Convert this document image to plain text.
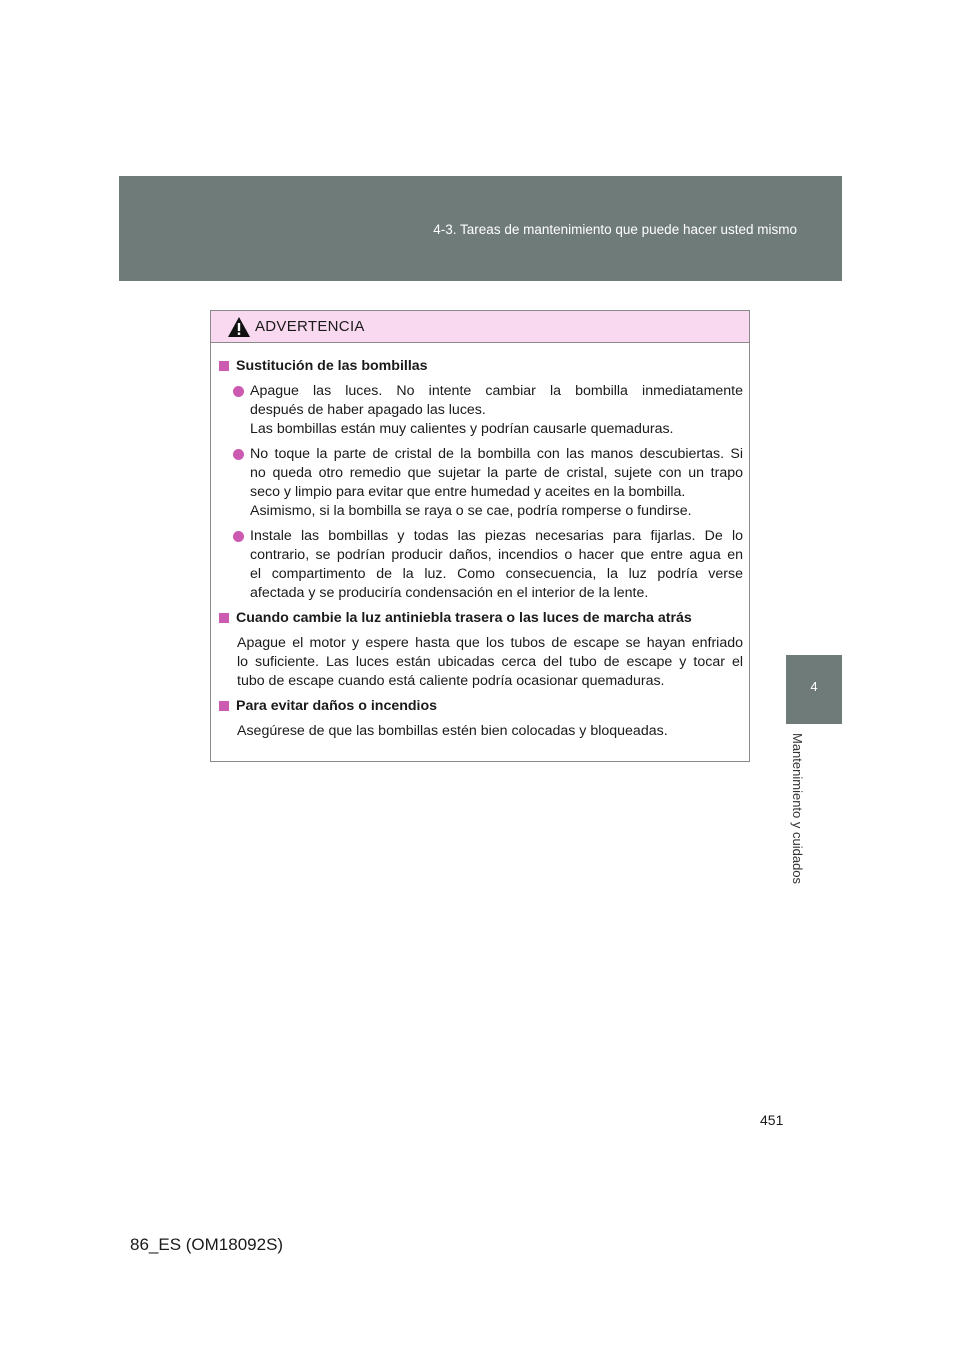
4-3. Tareas de mantenimiento que puede hacer usted mismo
4
Mantenimiento y cuidados
ADVERTENCIA
Sustitución de las bombillas
Apague las luces. No intente cambiar la bombilla inmediatamente
después de haber apagado las luces.
Las bombillas están muy calientes y podrían causarle quemaduras.
No toque la parte de cristal de la bombilla con las manos descubiertas. Si
no queda otro remedio que sujetar la parte de cristal, sujete con un trapo
seco y limpio para evitar que entre humedad y aceites en la bombilla.
Asimismo, si la bombilla se raya o se cae, podría romperse o fundirse.
Instale las bombillas y todas las piezas necesarias para fijarlas. De lo
contrario, se podrían producir daños, incendios o hacer que entre agua en
el compartimento de la luz. Como consecuencia, la luz podría verse
afectada y se produciría condensación en el interior de la lente.
Cuando cambie la luz antiniebla trasera o las luces de marcha atrás
Apague el motor y espere hasta que los tubos de escape se hayan enfriado
lo suficiente. Las luces están ubicadas cerca del tubo de escape y tocar el
tubo de escape cuando está caliente podría ocasionar quemaduras.
Para evitar daños o incendios
Asegúrese de que las bombillas estén bien colocadas y bloqueadas.
451
86_ES (OM18092S)
